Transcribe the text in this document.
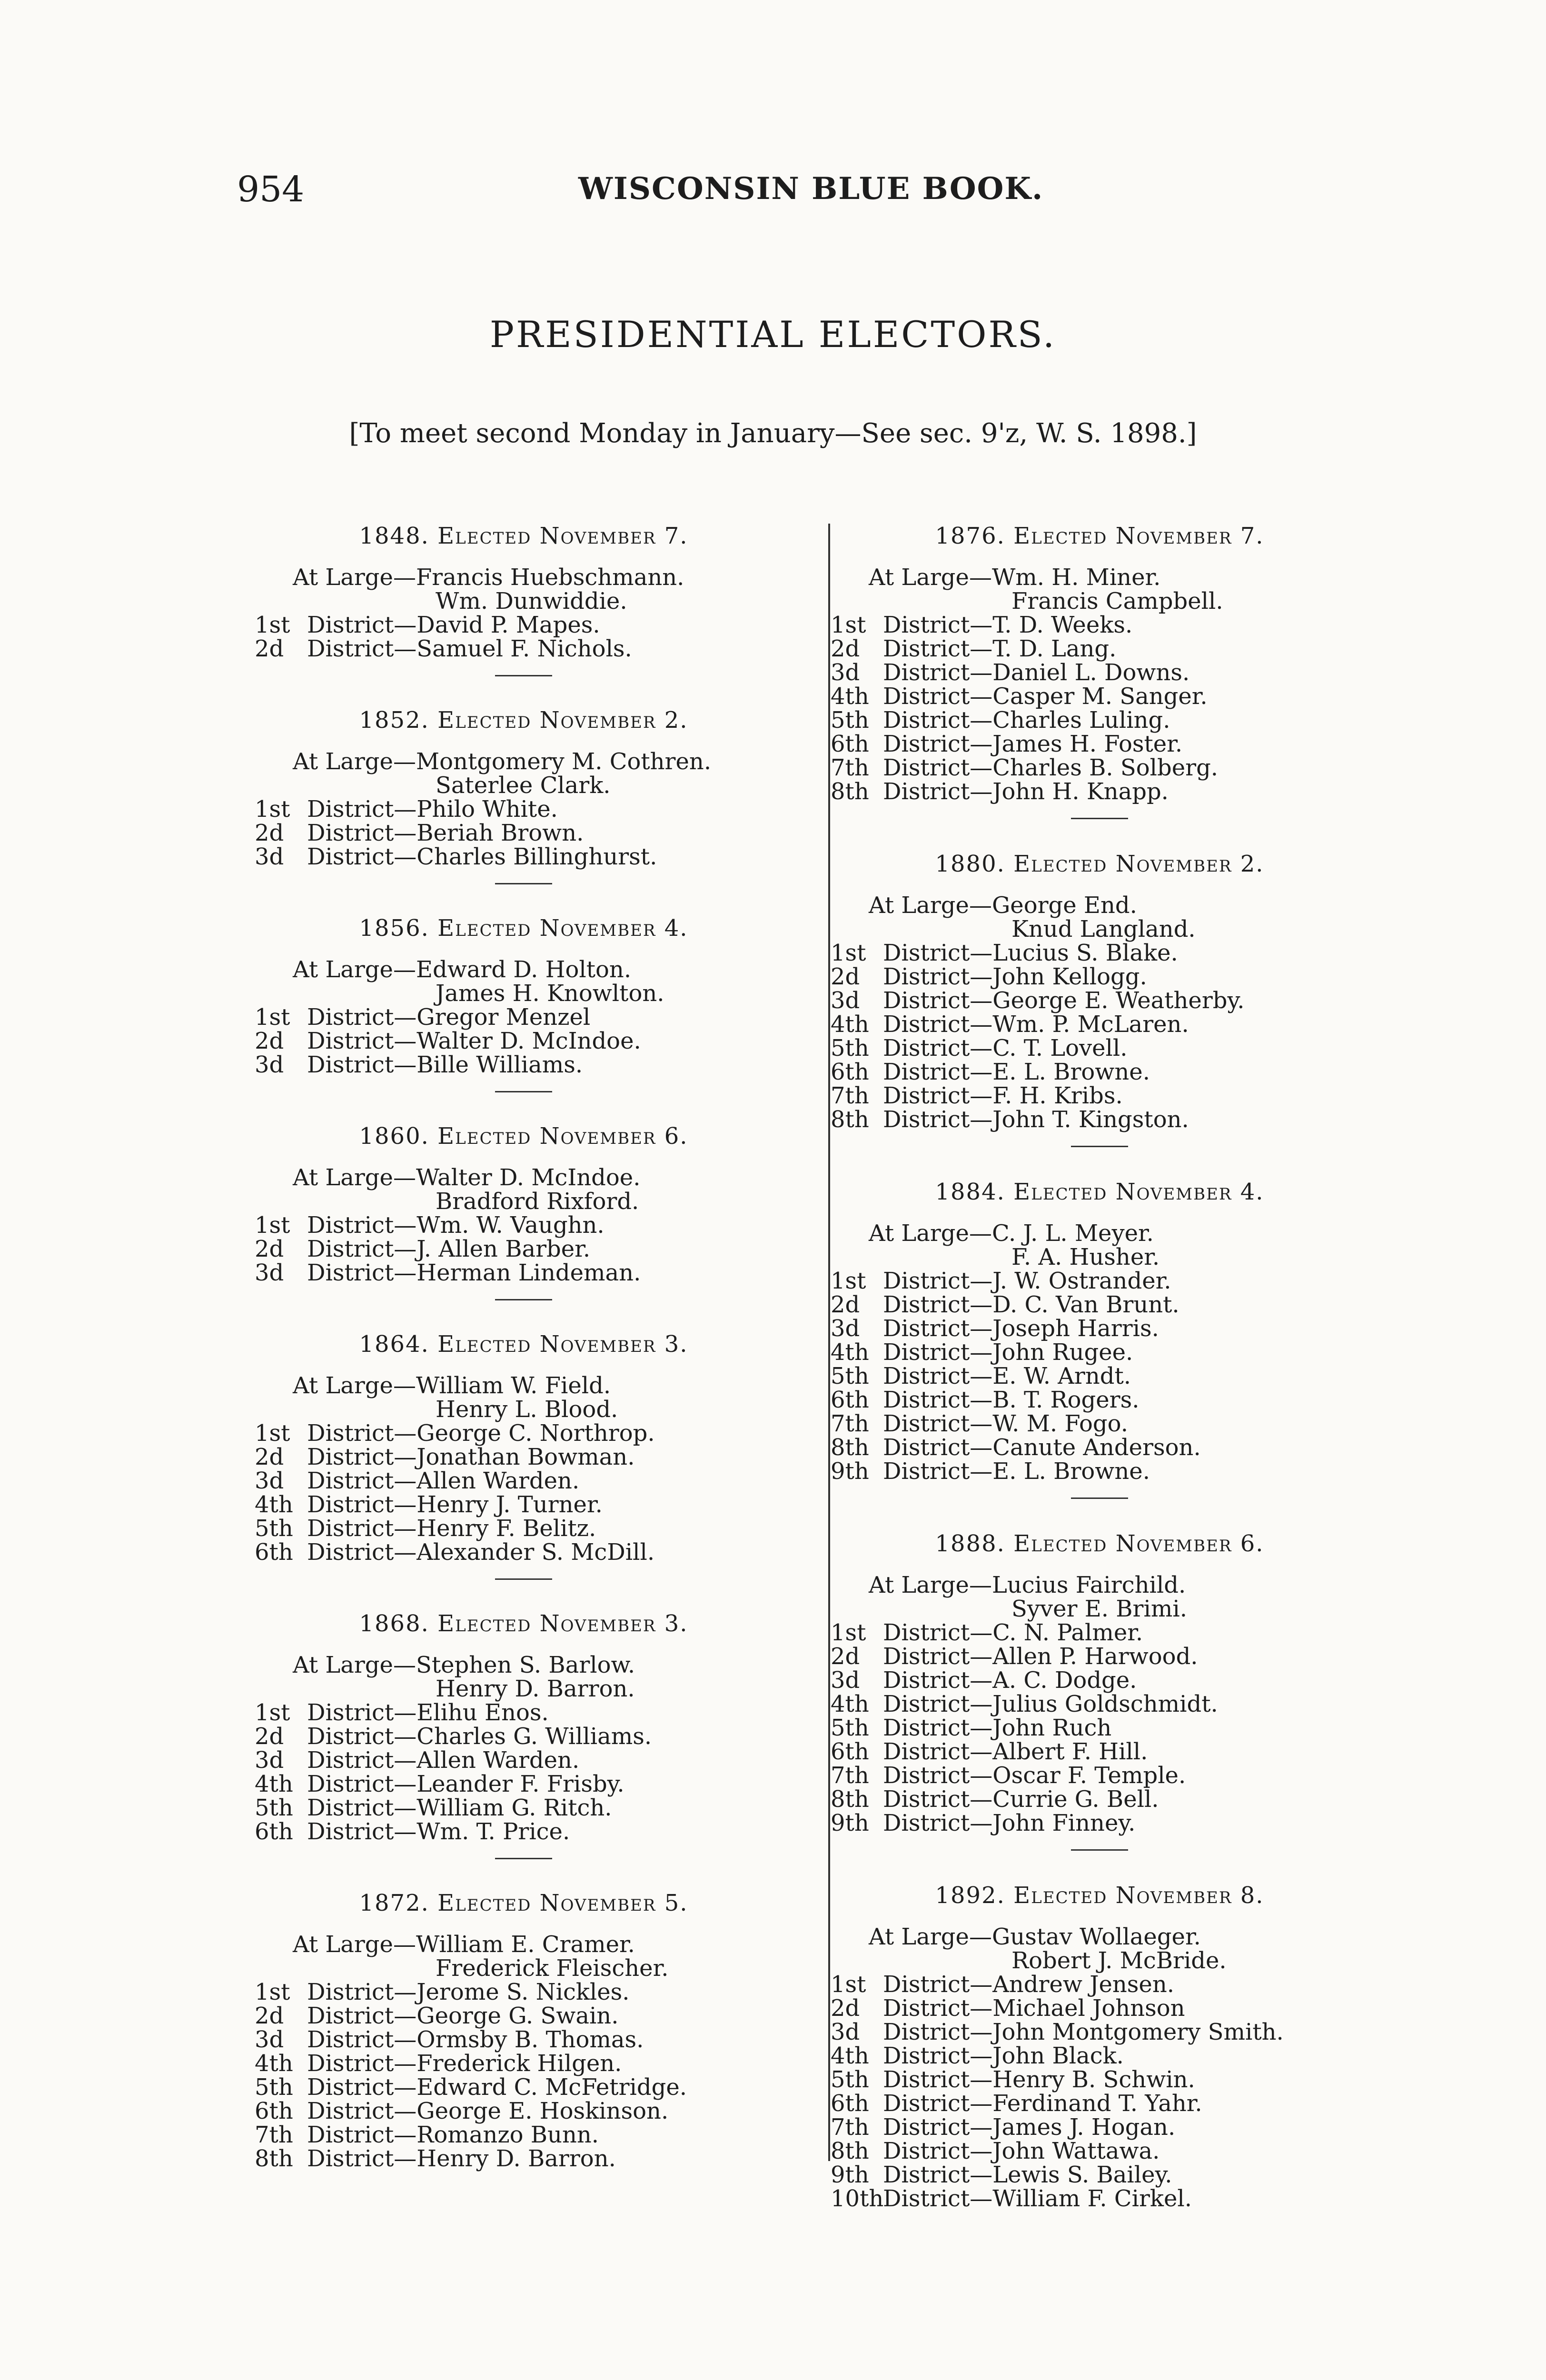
954	WISCONSIN BLUE BOOK.
PRESIDENTIAL ELECTORS.
[To meet second Monday in January—See sec. 9'z, W. S. 1898.]
1848. Elected November 7.
At Large—Francis Huebschmann.
Wm. Dunwiddie.
1st District—David P. Mapes.
2d District—Samuel F. Nichols.
1852. Elected November 2.
At Large—Montgomery M. Cothren.
Saterlee Clark.
1st District—Philo White.
2d District—Beriah Brown.
3d District—Charles Billinghurst.
1856. Elected November 4.
At Large—Edward D. Holton.
James H. Knowlton.
1st District—Gregor Menzel
2d District—Walter D. McIndoe.
3d District—Bille Williams.
1860. Elected November 6.
At Large—Walter D. McIndoe.
Bradford Rixford.
1st District—Wm. W. Vaughn.
2d District—J. Allen Barber.
3d District—Herman Lindeman.
1864. Elected November 3.
At Large—William W. Field.
Henry L. Blood.
1st District—George C. Northrop.
2d District—Jonathan Bowman.
3d District—Allen Warden.
4th District—Henry J. Turner.
5th District—Henry F. Belitz.
6th District—Alexander S. McDill.
1868. Elected November 3.
At Large—Stephen S. Barlow.
Henry D. Barron.
1st District—Elihu Enos.
2d District—Charles G. Williams.
3d District—Allen Warden.
4th District—Leander F. Frisby.
5th District—William G. Ritch.
6th District—Wm. T. Price.
1872. Elected November 5.
At Large—William E. Cramer.
Frederick Fleischer.
1st District—Jerome S. Nickles.
2d District—George G. Swain.
3d District—Ormsby B. Thomas.
4th District—Frederick Hilgen.
5th District—Edward C. McFetridge.
6th District—George E. Hoskinson.
7th District—Romanzo Bunn.
8th District—Henry D. Barron.
1876. Elected November 7.
At Large—Wm. H. Miner.
Francis Campbell.
1st District—T. D. Weeks.
2d District—T. D. Lang.
3d District—Daniel L. Downs.
4th District—Casper M. Sanger.
5th District—Charles Luling.
6th District—James H. Foster.
7th District—Charles B. Solberg.
8th District—John H. Knapp.
1880. Elected November 2.
At Large—George End.
Knud Langland.
1st District—Lucius S. Blake.
2d District—John Kellogg.
3d District—George E. Weatherby.
4th District—Wm. P. McLaren.
5th District—C. T. Lovell.
6th District—E. L. Browne.
7th District—F. H. Kribs.
8th District—John T. Kingston.
1884. Elected November 4.
At Large—C. J. L. Meyer.
F. A. Husher.
1st District—J. W. Ostrander.
2d District—D. C. Van Brunt.
3d District—Joseph Harris.
4th District—John Rugee.
5th District—E. W. Arndt.
6th District—B. T. Rogers.
7th District—W. M. Fogo.
8th District—Canute Anderson.
9th District—E. L. Browne.
1888. Elected November 6.
At Large—Lucius Fairchild.
Syver E. Brimi.
1st District—C. N. Palmer.
2d District—Allen P. Harwood.
3d District—A. C. Dodge.
4th District—Julius Goldschmidt.
5th District—John Ruch
6th District—Albert F. Hill.
7th District—Oscar F. Temple.
8th District—Currie G. Bell.
9th District—John Finney.
1892. Elected November 8.
At Large—Gustav Wollaeger.
Robert J. McBride.
1st District—Andrew Jensen.
2d District—Michael Johnson
3d District—John Montgomery Smith.
4th District—John Black.
5th District—Henry B. Schwin.
6th District—Ferdinand T. Yahr.
7th District—James J. Hogan.
8th District—John Wattawa.
9th District—Lewis S. Bailey.
10thDistrict—William F. Cirkel.
